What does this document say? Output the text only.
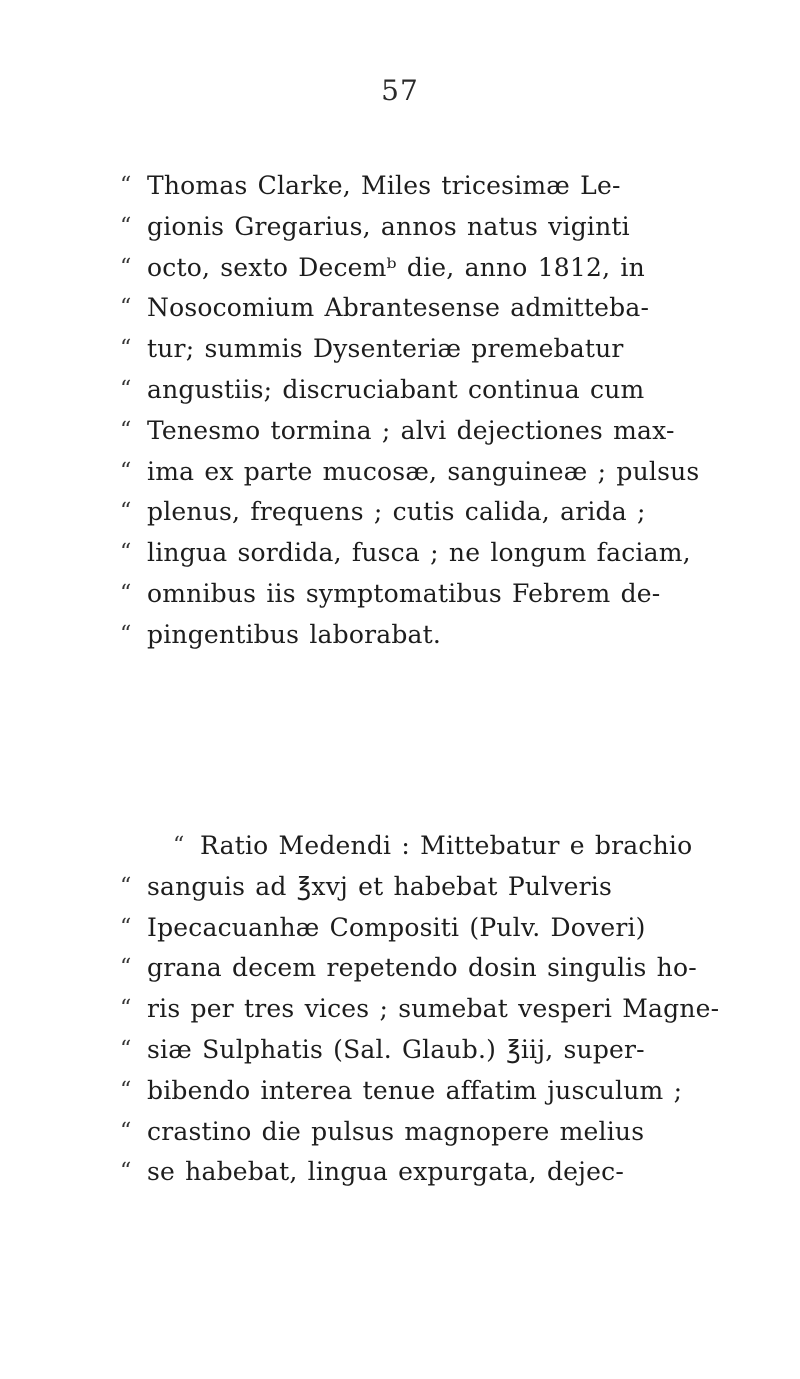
57
“ Thomas Clarke, Miles tricesimæ Le-
“ gionis Gregarius, annos natus viginti
“ octo, sexto Decemᵇ die, anno 1812, in
“ Nosocomium Abrantesense admitteba-
“ tur; summis Dysenteriæ premebatur
“ angustiis; discruciabant continua cum
“ Tenesmo tormina ; alvi dejectiones max-
“ ima ex parte mucosæ, sanguineæ ; pulsus
“ plenus, frequens ; cutis calida, arida ;
“ lingua sordida, fusca ; ne longum faciam,
“ omnibus iis symptomatibus Febrem de-
“ pingentibus laborabat.
“ Ratio Medendi : Mittebatur e brachio
“ sanguis ad ℥xvj et habebat Pulveris
“ Ipecacuanhæ Compositi (Pulv. Doveri)
“ grana decem repetendo dosin singulis ho-
“ ris per tres vices ; sumebat vesperi Magne-
“ siæ Sulphatis (Sal. Glaub.) ℥iij, super-
“ bibendo interea tenue affatim jusculum ;
“ crastino die pulsus magnopere melius
“ se habebat, lingua expurgata, dejec-
